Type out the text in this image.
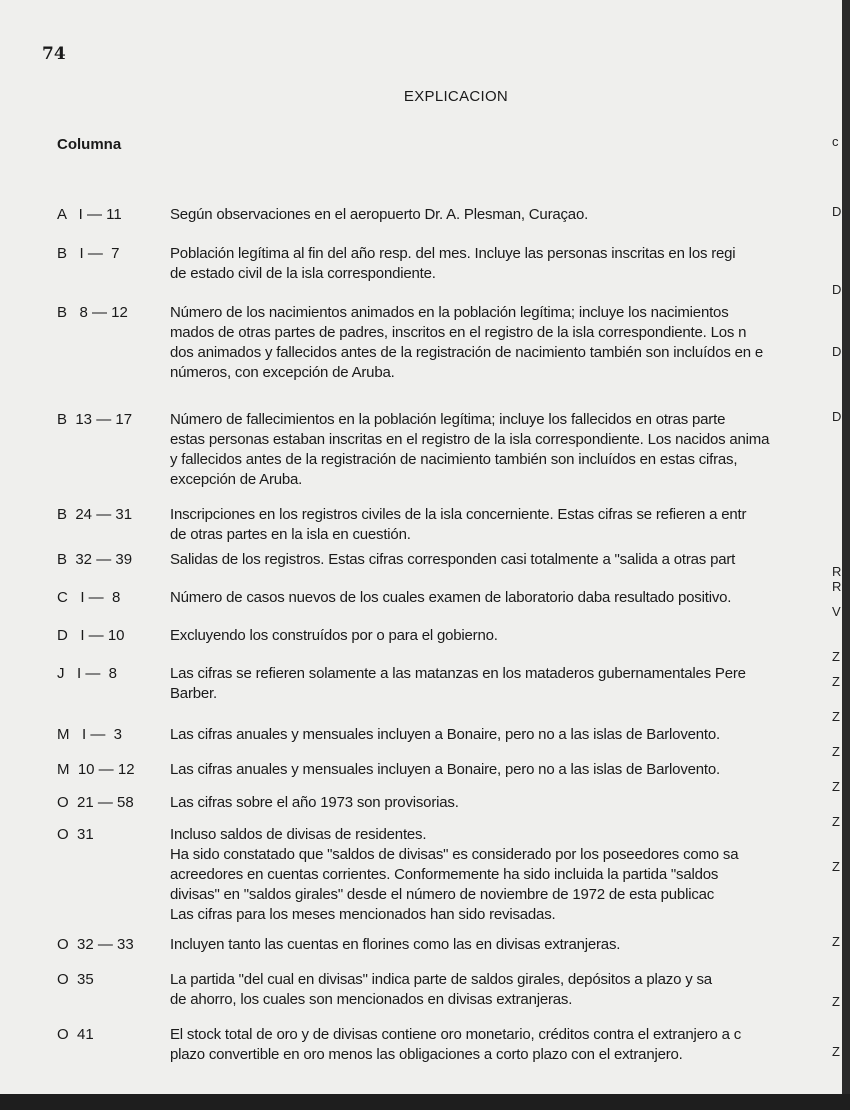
74
EXPLICACION
Columna
A   I — 11	Según observaciones en el aeropuerto Dr. A. Plesman, Curaçao.
B   I —  7	Población legítima al fin del año resp. del mes. Incluye las personas inscritas en los regi
de estado civil de la isla correspondiente.
B   8 — 12	Número de los nacimientos animados en la población legítima; incluye los nacimientos
mados de otras partes de padres, inscritos en el registro de la isla correspondiente. Los n
dos animados y fallecidos antes de la registración de nacimiento también son incluídos en e
números, con excepción de Aruba.
B  13 — 17	Número de fallecimientos en la población legítima; incluye los fallecidos en otras parte
estas personas estaban inscritas en el registro de la isla correspondiente. Los nacidos anima
y fallecidos antes de la registración de nacimiento también son incluídos en estas cifras,
excepción de Aruba.
B  24 — 31	Inscripciones en los registros civiles de la isla concerniente. Estas cifras se refieren a entr
de otras partes en la isla en cuestión.
B  32 — 39	Salidas de los registros. Estas cifras corresponden casi totalmente a "salida a otras part
C   I —  8	Número de casos nuevos de los cuales examen de laboratorio daba resultado positivo.
D   I — 10	Excluyendo los construídos por o para el gobierno.
J   I —  8	Las cifras se refieren solamente a las matanzas en los mataderos gubernamentales Pere
Barber.
M   I —  3	Las cifras anuales y mensuales incluyen a Bonaire, pero no a las islas de Barlovento.
M  10 — 12 Las cifras anuales y mensuales incluyen a Bonaire, pero no a las islas de Barlovento.
O  21 — 58 Las cifras sobre el año 1973 son provisorias.
O  31	Incluso saldos de divisas de residentes.
Ha sido constatado que "saldos de divisas" es considerado por los poseedores como sa
acreedores en cuentas corrientes. Conformemente ha sido incluida la partida "saldos
divisas" en "saldos girales" desde el número de noviembre de 1972 de esta publicac
Las cifras para los meses mencionados han sido revisadas.
O  32 — 33 Incluyen tanto las cuentas en florines como las en divisas extranjeras.
O  35	La partida "del cual en divisas" indica parte de saldos girales, depósitos a plazo y sa
de ahorro, los cuales son mencionados en divisas extranjeras.
O  41	El stock total de oro y de divisas contiene oro monetario, créditos contra el extranjero a c
plazo convertible en oro menos las obligaciones a corto plazo con el extranjero.
c
D
D
D
D
R
R
V
Z
Z
Z
Z
Z
Z
Z
Z
Z
Z
